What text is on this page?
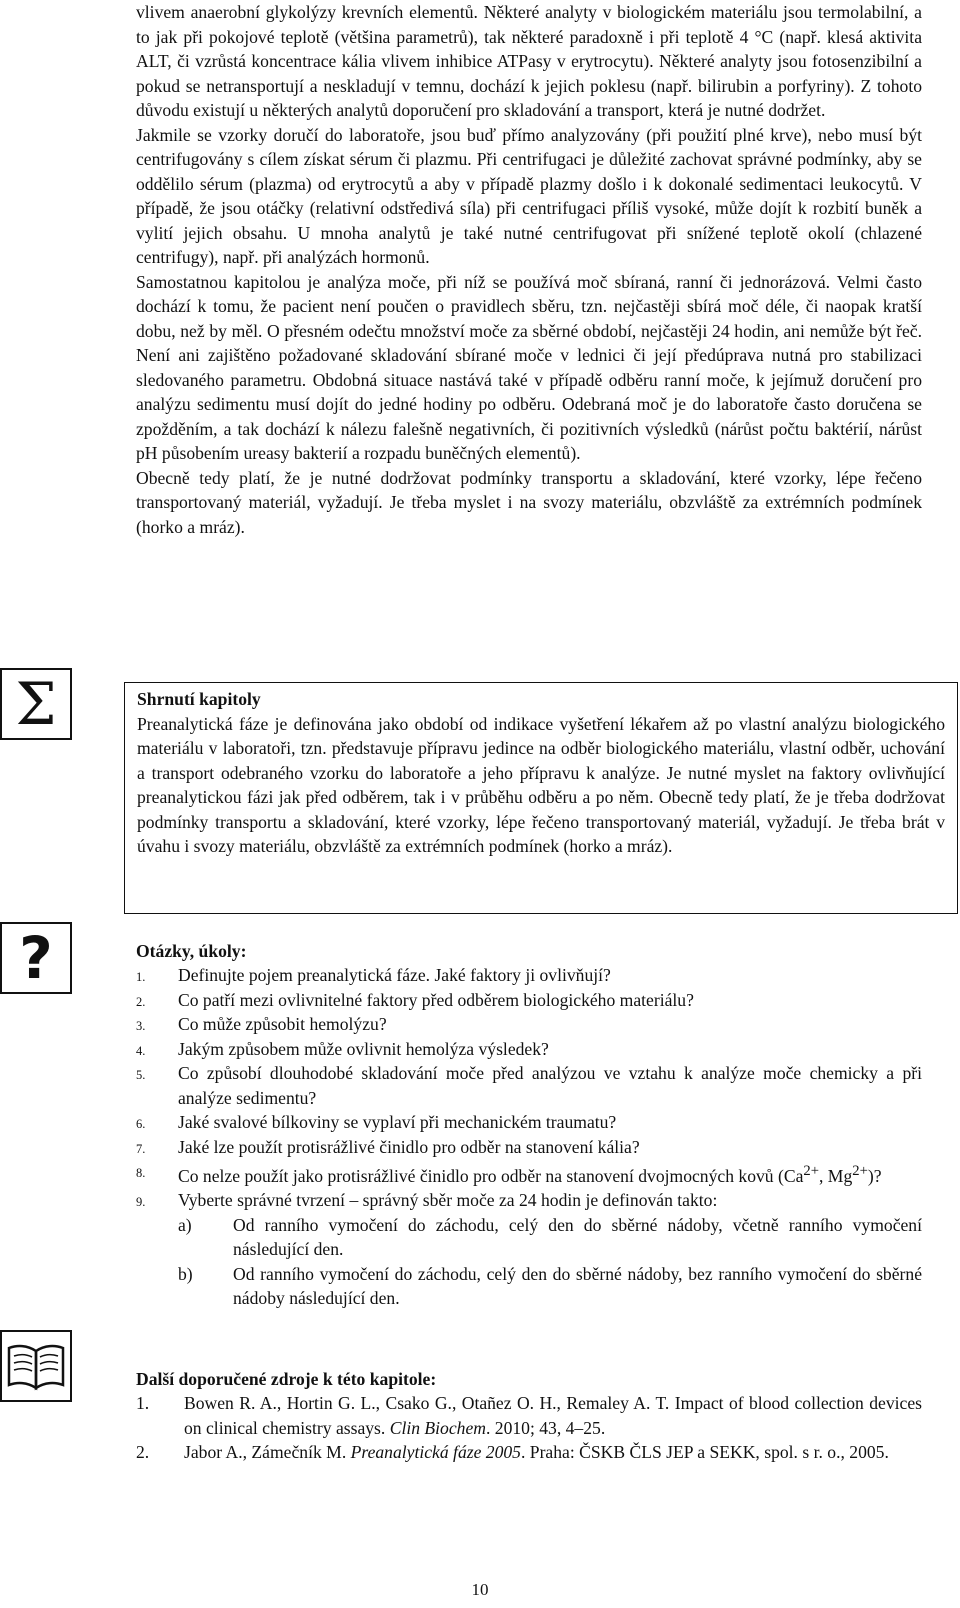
vlivem anaerobní glykolýzy krevních elementů. Některé analyty v biologickém materiálu jsou termolabilní, a to jak při pokojové teplotě (většina parametrů), tak některé paradoxně i při teplotě 4 °C (např. klesá aktivita ALT, či vzrůstá koncentrace kália vlivem inhibice ATPasy v erytrocytu). Některé analyty jsou fotosenzibilní a pokud se netransportují a neskladují v temnu, dochází k jejich poklesu (např. bilirubin a porfyriny). Z tohoto důvodu existují u některých analytů doporučení pro skladování a transport, která je nutné dodržet.

Jakmile se vzorky doručí do laboratoře, jsou buď přímo analyzovány (při použití plné krve), nebo musí být centrifugovány s cílem získat sérum či plazmu. Při centrifugaci je důležité zachovat správné podmínky, aby se oddělilo sérum (plazma) od erytrocytů a aby v případě plazmy došlo i k dokonalé sedimentaci leukocytů. V případě, že jsou otáčky (relativní odstředivá síla) při centrifugaci příliš vysoké, může dojít k rozbití buněk a vylití jejich obsahu. U mnoha analytů je také nutné centrifugovat při snížené teplotě okolí (chlazené centrifugy), např. při analýzách hormonů.

Samostatnou kapitolou je analýza moče, při níž se používá moč sbíraná, ranní či jednorázová. Velmi často dochází k tomu, že pacient není poučen o pravidlech sběru, tzn. nejčastěji sbírá moč déle, či naopak kratší dobu, než by měl. O přesném odečtu množství moče za sběrné období, nejčastěji 24 hodin, ani nemůže být řeč. Není ani zajištěno požadované skladování sbírané moče v lednici či její předúprava nutná pro stabilizaci sledovaného parametru. Obdobná situace nastává také v případě odběru ranní moče, k jejímuž doručení pro analýzu sedimentu musí dojít do jedné hodiny po odběru. Odebraná moč je do laboratoře často doručena se zpožděním, a tak dochází k nálezu falešně negativních, či pozitivních výsledků (nárůst počtu baktérií, nárůst pH působením ureasy bakterií a rozpadu buněčných elementů).

Obecně tedy platí, že je nutné dodržovat podmínky transportu a skladování, které vzorky, lépe řečeno transportovaný materiál, vyžadují. Je třeba myslet i na svozy materiálu, obzvláště za extrémních podmínek (horko a mráz).

Σ	Shrnutí kapitoly

Preanalytická fáze je definována jako období od indikace vyšetření lékařem až po vlastní analýzu biologického materiálu v laboratoři, tzn. představuje přípravu jedince na odběr biologického materiálu, vlastní odběr, uchování a transport odebraného vzorku do laboratoře a jeho přípravu k analýze. Je nutné myslet na faktory ovlivňující preanalytickou fázi jak před odběrem, tak i v průběhu odběru a po něm. Obecně tedy platí, že je třeba dodržovat podmínky transportu a skladování, které vzorky, lépe řečeno transportovaný materiál, vyžadují. Je třeba brát v úvahu i svozy materiálu, obzvláště za extrémních podmínek (horko a mráz).

?	Otázky, úkoly:
1. Definujte pojem preanalytická fáze. Jaké faktory ji ovlivňují?
2. Co patří mezi ovlivnitelné faktory před odběrem biologického materiálu?
3. Co může způsobit hemolýzu?
4. Jakým způsobem může ovlivnit hemolýza výsledek?
5. Co způsobí dlouhodobé skladování moče před analýzou ve vztahu k analýze moče chemicky a při analýze sedimentu?
6. Jaké svalové bílkoviny se vyplaví při mechanickém traumatu?
7. Jaké lze použít protisrážlivé činidlo pro odběr na stanovení kália?
8. Co nelze použít jako protisrážlivé činidlo pro odběr na stanovení dvojmocných kovů ($Ca^{2+}$, $Mg^{2+}$)?
9. Vyberte správné tvrzení – správný sběr moče za 24 hodin je definován takto:
a) Od ranního vymočení do záchodu, celý den do sběrné nádoby, včetně ranního vymočení následující den.
b) Od ranního vymočení do záchodu, celý den do sběrné nádoby, bez ranního vymočení do sběrné nádoby následující den.
Další doporučené zdroje k této kapitole:
1. Bowen R. A., Hortin G. L., Csako G., Otañez O. H., Remaley A. T. Impact of blood collection devices on clinical chemistry assays. Clin Biochem. 2010; 43, 4–25.
2. Jabor A., Zámečník M. Preanalytická fáze 2005. Praha: ČSKB ČLS JEP a SEKK, spol. s r. o., 2005.
10
